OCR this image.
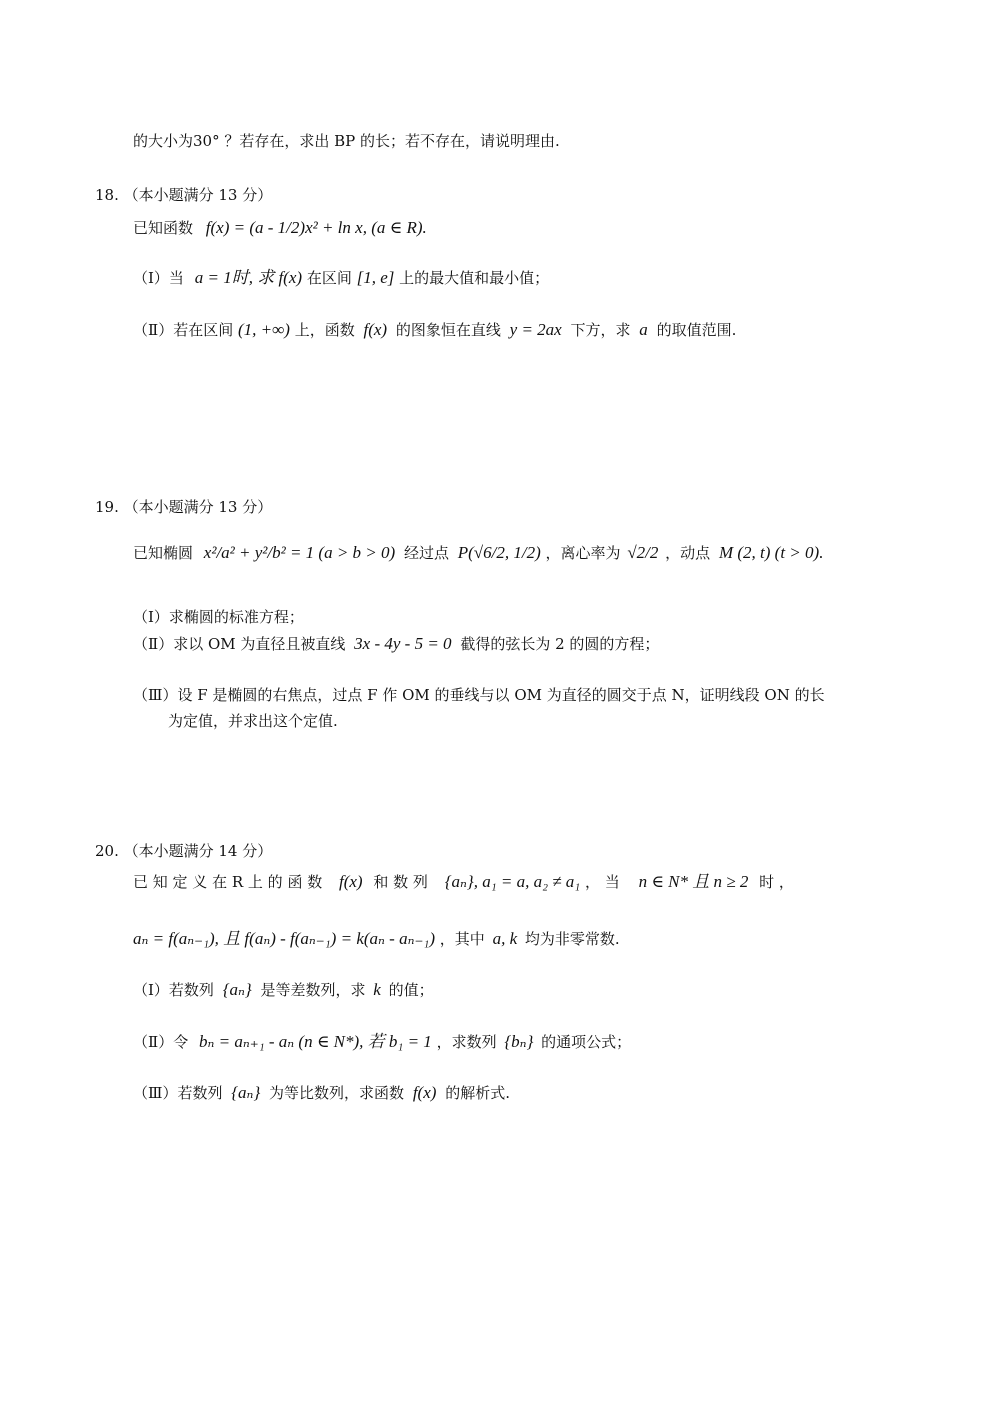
的大小为30° ？若存在，求出 BP 的长；若不存在，请说明理由.
18. （本小题满分 13 分）
已知函数 f(x) = (a - 1/2)x² + ln x, (a ∈ R).
（Ⅰ）当 a = 1时, 求 f(x) 在区间 [1, e] 上的最大值和最小值；
（Ⅱ）若在区间 (1, +∞) 上，函数 f(x) 的图象恒在直线 y = 2ax 下方，求 a 的取值范围.
19. （本小题满分 13 分）
已知椭圆 x²/a² + y²/b² = 1 (a > b > 0) 经过点 P(√6/2, 1/2) ，离心率为 √2/2 ，动点 M (2, t) (t > 0).
（Ⅰ）求椭圆的标准方程；
（Ⅱ）求以 OM 为直径且被直线 3x - 4y - 5 = 0 截得的弦长为 2 的圆的方程；
（Ⅲ）设 F 是椭圆的右焦点，过点 F 作 OM 的垂线与以 OM 为直径的圆交于点 N，证明线段 ON 的长
为定值，并求出这个定值.
20. （本小题满分 14 分）
已 知 定 义 在 R 上 的 函 数 f(x) 和 数 列 {aₙ}, a₁ = a, a₂ ≠ a₁ ， 当 n ∈ N* 且 n ≥ 2 时 ，
aₙ = f(aₙ₋₁), 且 f(aₙ) - f(aₙ₋₁) = k(aₙ - aₙ₋₁) ，其中 a, k 均为非零常数.
（Ⅰ）若数列 {aₙ} 是等差数列，求 k 的值；
（Ⅱ）令 bₙ = aₙ₊₁ - aₙ (n ∈ N*), 若 b₁ = 1 ，求数列 {bₙ} 的通项公式；
（Ⅲ）若数列 {aₙ} 为等比数列，求函数 f(x) 的解析式.
